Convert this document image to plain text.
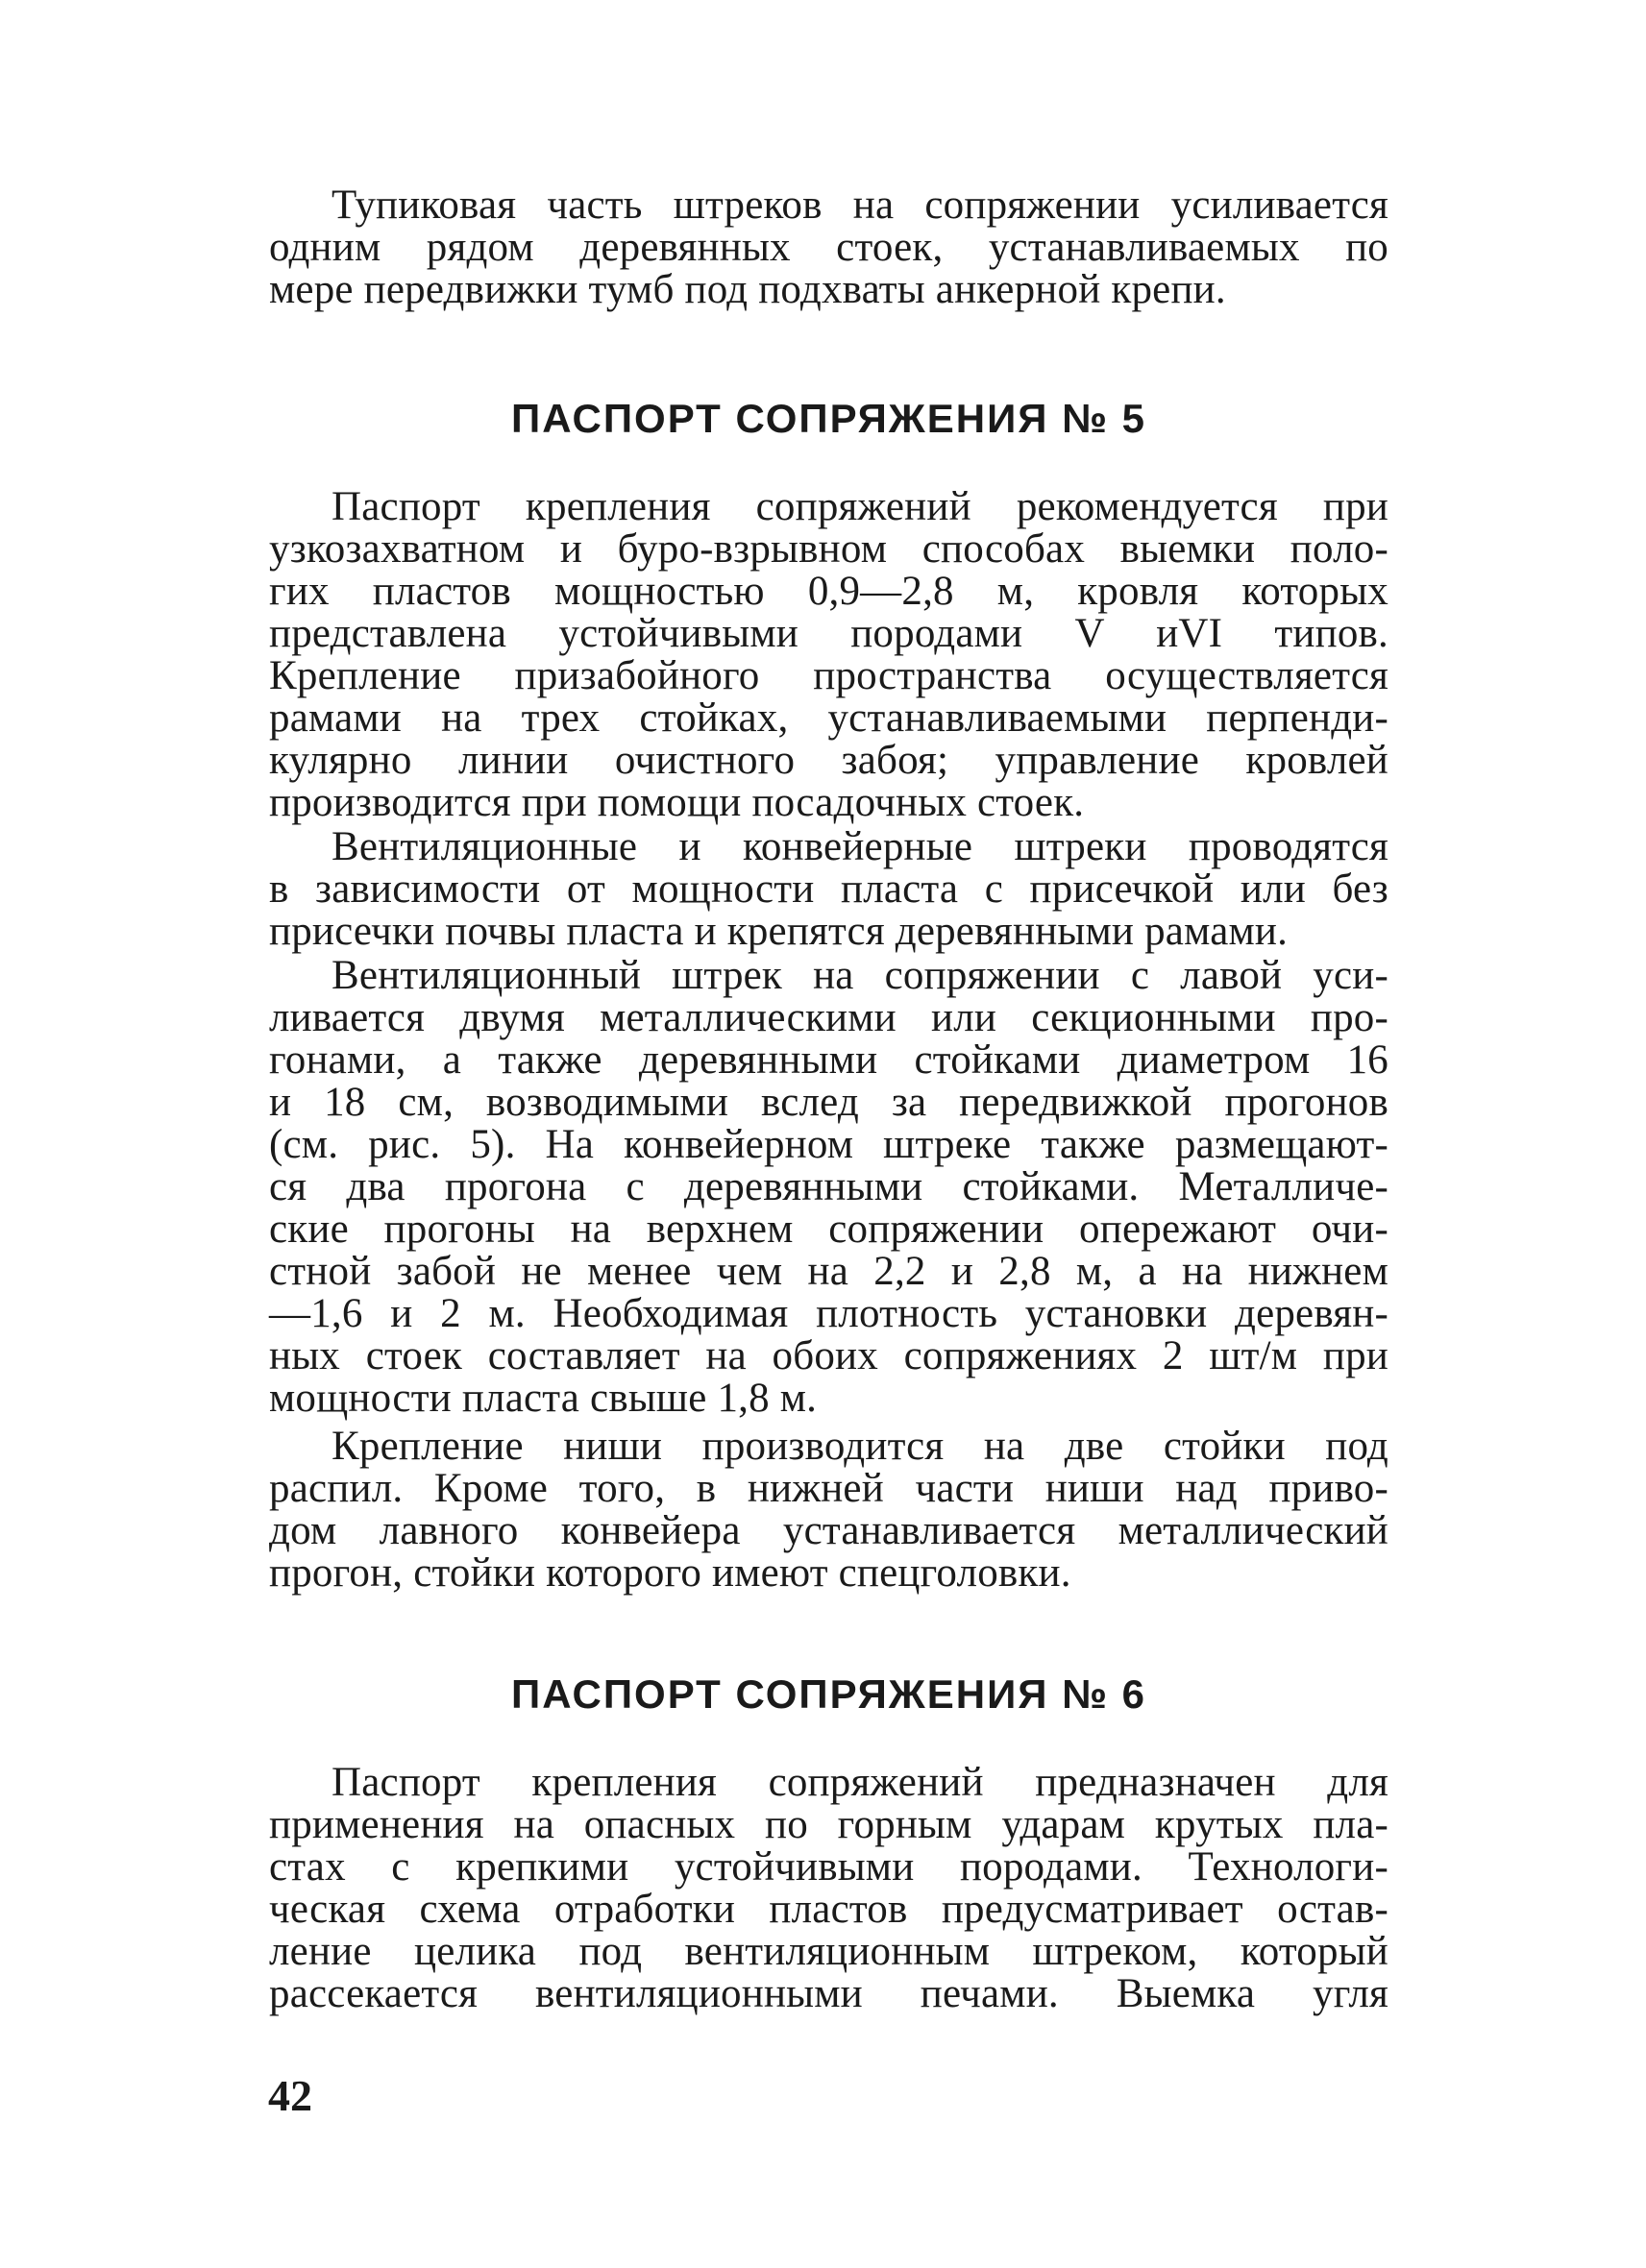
Тупиковая часть штреков на сопряжении усиливается
одним рядом деревянных стоек, устанавливаемых по
мере передвижки тумб под подхваты анкерной крепи.

ПАСПОРТ СОПРЯЖЕНИЯ № 5

Паспорт крепления сопряжений рекомендуется при
узкозахватном и буро-взрывном способах выемки поло-
гих пластов мощностью 0,9—2,8 м, кровля которых
представлена устойчивыми породами V иVI типов.
Крепление призабойного пространства осуществляется
рамами на трех стойках, устанавливаемыми перпенди-
кулярно линии очистного забоя; управление кровлей
производится при помощи посадочных стоек.

Вентиляционные и конвейерные штреки проводятся
в зависимости от мощности пласта с присечкой или без
присечки почвы пласта и крепятся деревянными рамами.

Вентиляционный штрек на сопряжении с лавой уси-
ливается двумя металлическими или секционными про-
гонами, а также деревянными стойками диаметром 16
и 18 см, возводимыми вслед за передвижкой прогонов
(см. рис. 5). На конвейерном штреке также размещают-
ся два прогона с деревянными стойками. Металличе-
ские прогоны на верхнем сопряжении опережают очи-
стной забой не менее чем на 2,2 и 2,8 м, а на нижнем
—1,6 и 2 м. Необходимая плотность установки деревян-
ных стоек составляет на обоих сопряжениях 2 шт/м при
мощности пласта свыше 1,8 м.

Крепление ниши производится на две стойки под
распил. Кроме того, в нижней части ниши над приво-
дом лавного конвейера устанавливается металлический
прогон, стойки которого имеют спецголовки.

ПАСПОРТ СОПРЯЖЕНИЯ № 6

Паспорт крепления сопряжений предназначен для
применения на опасных по горным ударам крутых пла-
стах с крепкими устойчивыми породами. Технологи-
ческая схема отработки пластов предусматривает остав-
ление целика под вентиляционным штреком, который
рассекается вентиляционными печами. Выемка угля

42
